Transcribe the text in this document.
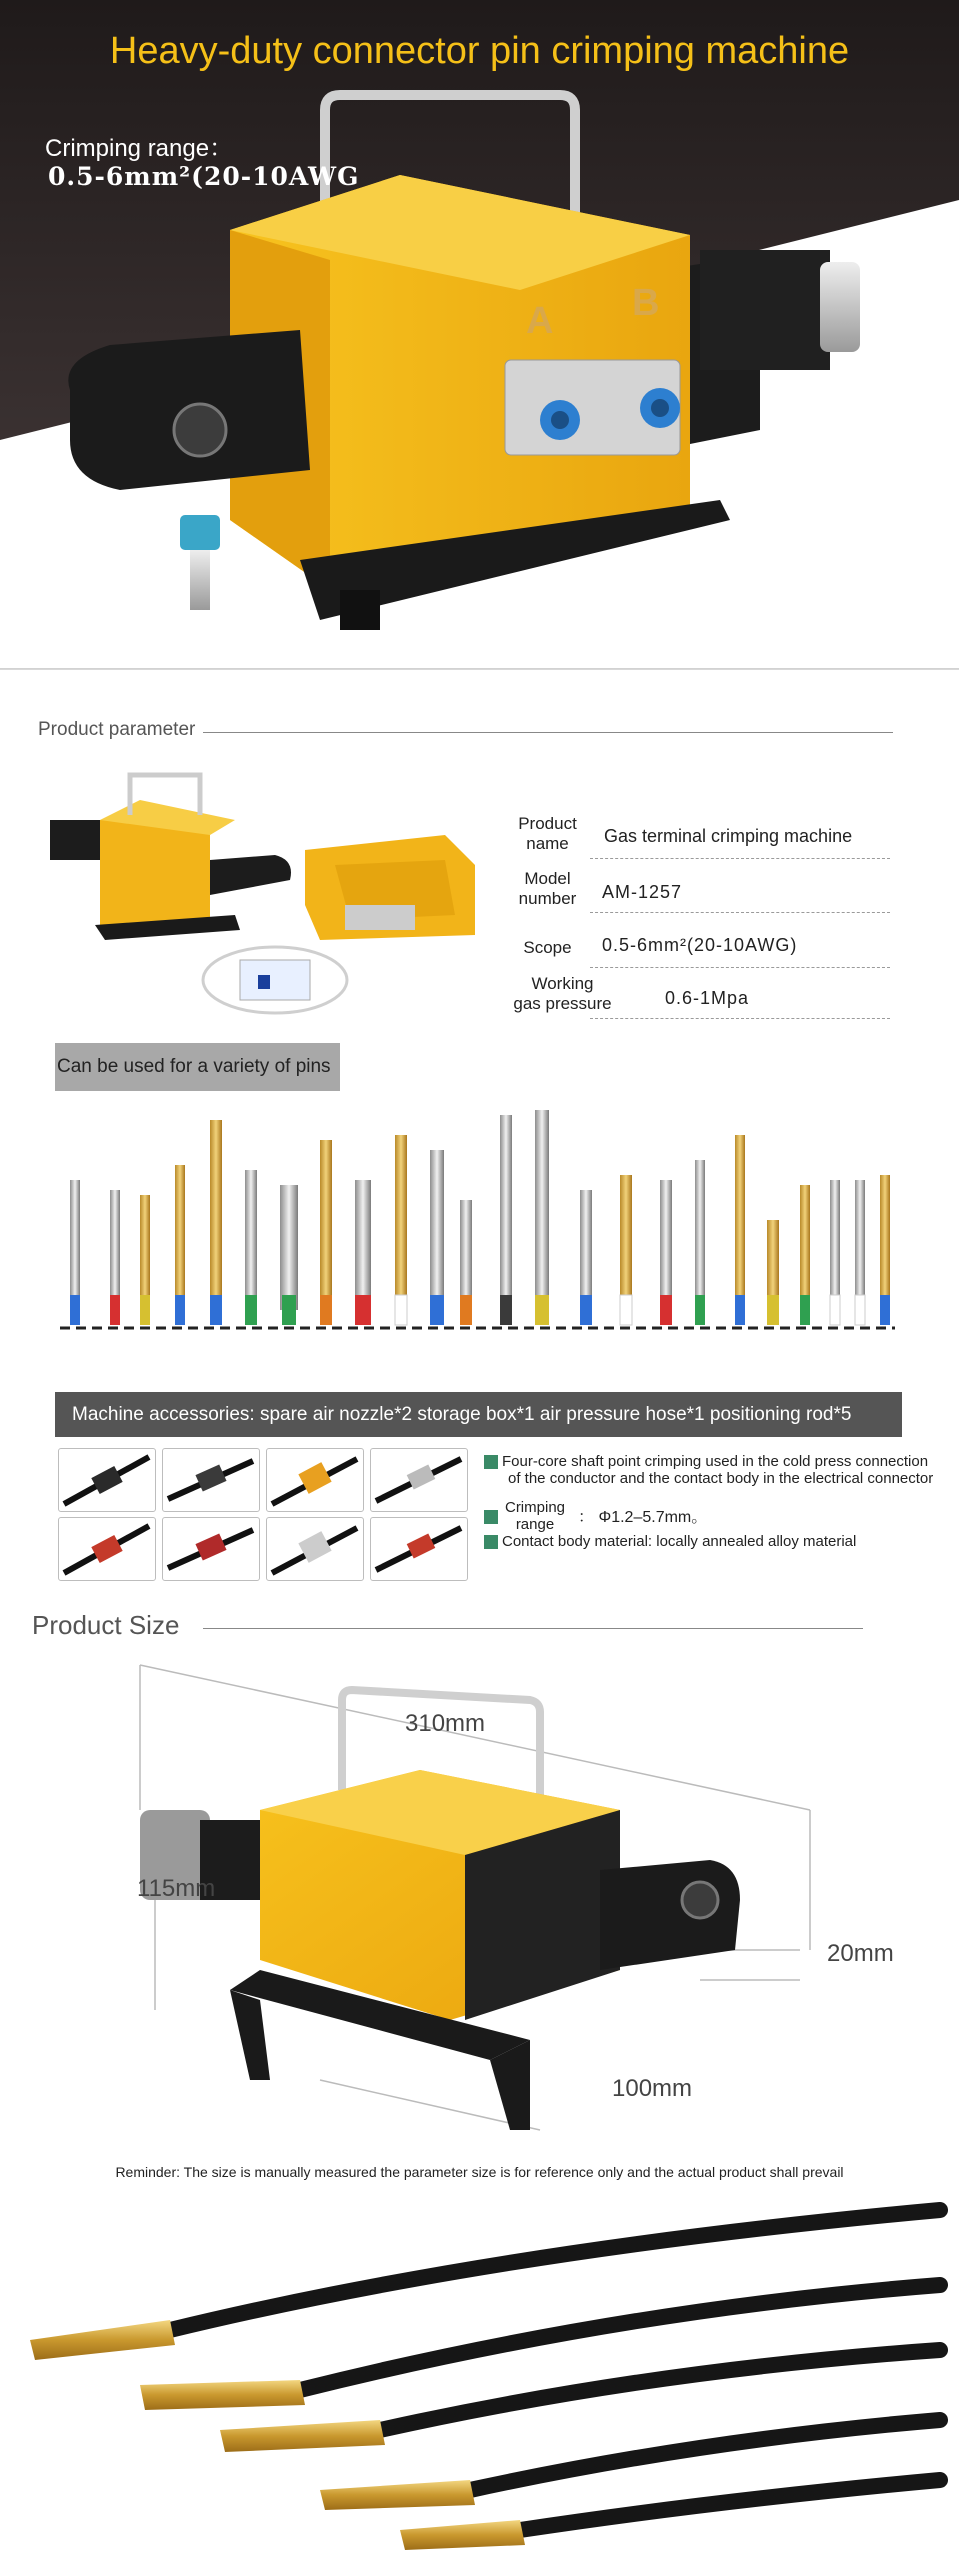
Heavy-duty connector pin crimping machine
Crimping range：
0.5-6mm²(20-10AWG
A B
Product parameter
Product
name	Gas terminal crimping machine
Model
number	AM-1257
Scope	0.5-6mm²(20-10AWG)
Working
gas pressure	0.6-1Mpa
Can be used for a variety of pins
Machine accessories: spare air nozzle*2 storage box*1 air pressure hose*1 positioning rod*5
Four-core shaft point crimping used in the cold press connection
of the conductor and the contact body in the electrical connector
Crimping
range	： Φ1.2–5.7mm。
Contact body material: locally annealed alloy material
Product Size
310mm
115mm
20mm
100mm
Reminder: The size is manually measured the parameter size is for reference only and the actual product shall prevail
